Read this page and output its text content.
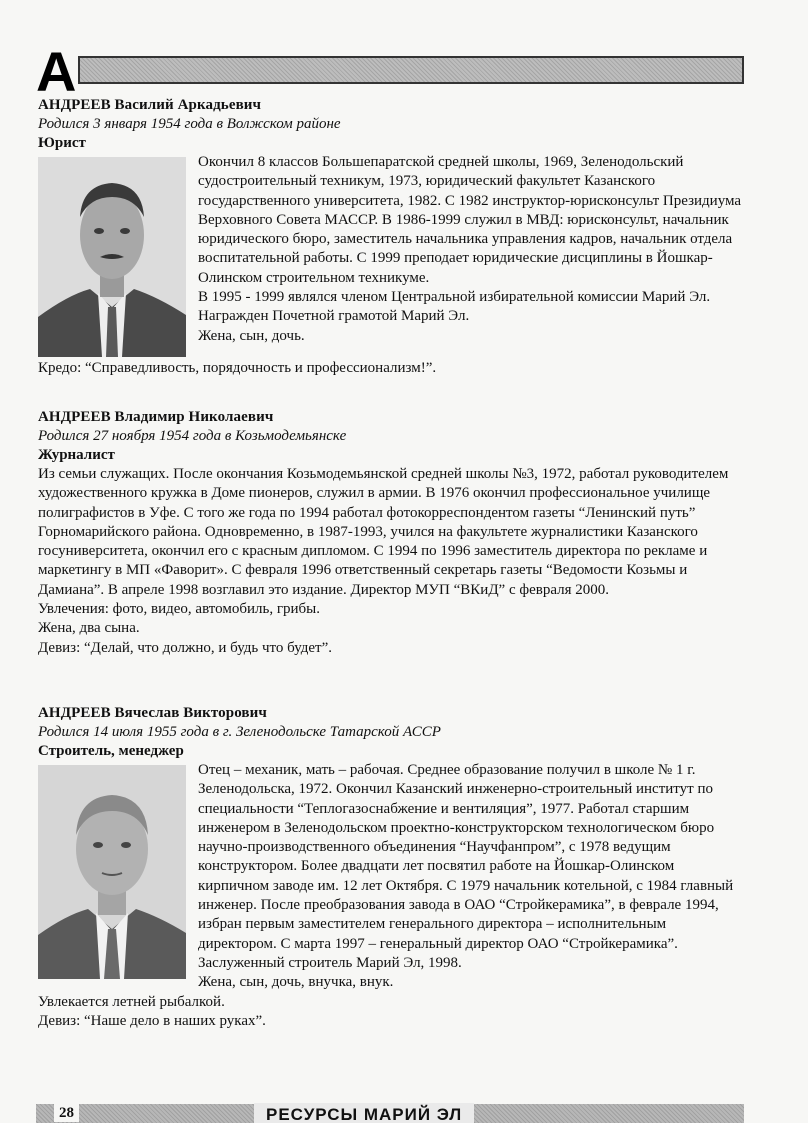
А
АНДРЕЕВ Василий Аркадьевич
Родился 3 января 1954 года в Волжском районе
Юрист
Окончил 8 классов Большепаратской средней школы, 1969, Зеленодольский судостроительный техникум, 1973, юридический факультет Казанского государственного университета, 1982. С 1982 инструктор-юрисконсульт Президиума Верховного Совета МАССР. В 1986-1999 служил в МВД: юрисконсульт, начальник юридического бюро, заместитель начальника управления кадров, начальник отдела воспитательной работы. С 1999 преподает юридические дисциплины в Йошкар-Олинском строительном техникуме.
В 1995 - 1999 являлся членом Центральной избирательной комиссии Марий Эл. Награжден Почетной грамотой Марий Эл.
Жена, сын, дочь.
Кредо: “Справедливость, порядочность и профессионализм!”.
АНДРЕЕВ Владимир Николаевич
Родился 27 ноября 1954 года в Козьмодемьянске
Журналист
Из семьи служащих. После окончания Козьмодемьянской средней школы №3, 1972, работал руководителем художественного кружка в Доме пионеров, служил в армии. В 1976 окончил профессиональное училище полиграфистов в Уфе. С того же года по 1994 работал фотокорреспондентом газеты “Ленинский путь” Горномарийского района. Одновременно, в 1987-1993, учился на факультете журналистики Казанского госуниверситета, окончил его с красным дипломом. С 1994 по 1996 заместитель директора по рекламе и маркетингу в МП «Фаворит». С февраля 1996 ответственный секретарь газеты “Ведомости Козьмы и Дамиана”. В апреле 1998 возглавил это издание. Директор МУП “ВКиД” с февраля 2000.
Увлечения: фото, видео, автомобиль, грибы.
Жена, два сына.
Девиз: “Делай, что должно, и будь что будет”.
АНДРЕЕВ Вячеслав Викторович
Родился 14 июля 1955 года в г. Зеленодольске Татарской АССР
Строитель, менеджер
Отец – механик, мать – рабочая. Среднее образование получил в школе № 1 г. Зеленодольска, 1972. Окончил Казанский инженерно-строительный институт по специальности “Теплогазоснабжение и вентиляция”, 1977. Работал старшим инженером в Зеленодольском проектно-конструкторском технологическом бюро научно-производственного объединения “Научфанпром”, с 1978 ведущим конструктором. Более двадцати лет посвятил работе на Йошкар-Олинском кирпичном заводе им. 12 лет Октября. С 1979 начальник котельной, с 1984 главный инженер. После преобразования завода в ОАО “Стройкерамика”, в феврале 1994, избран первым заместителем генерального директора – исполнительным директором. С марта 1997 – генеральный директор ОАО “Стройкерамика”.
Заслуженный строитель Марий Эл, 1998.
Жена, сын, дочь, внучка, внук.
Увлекается летней рыбалкой.
Девиз: “Наше дело в наших руках”.
28	РЕСУРСЫ МАРИЙ ЭЛ
